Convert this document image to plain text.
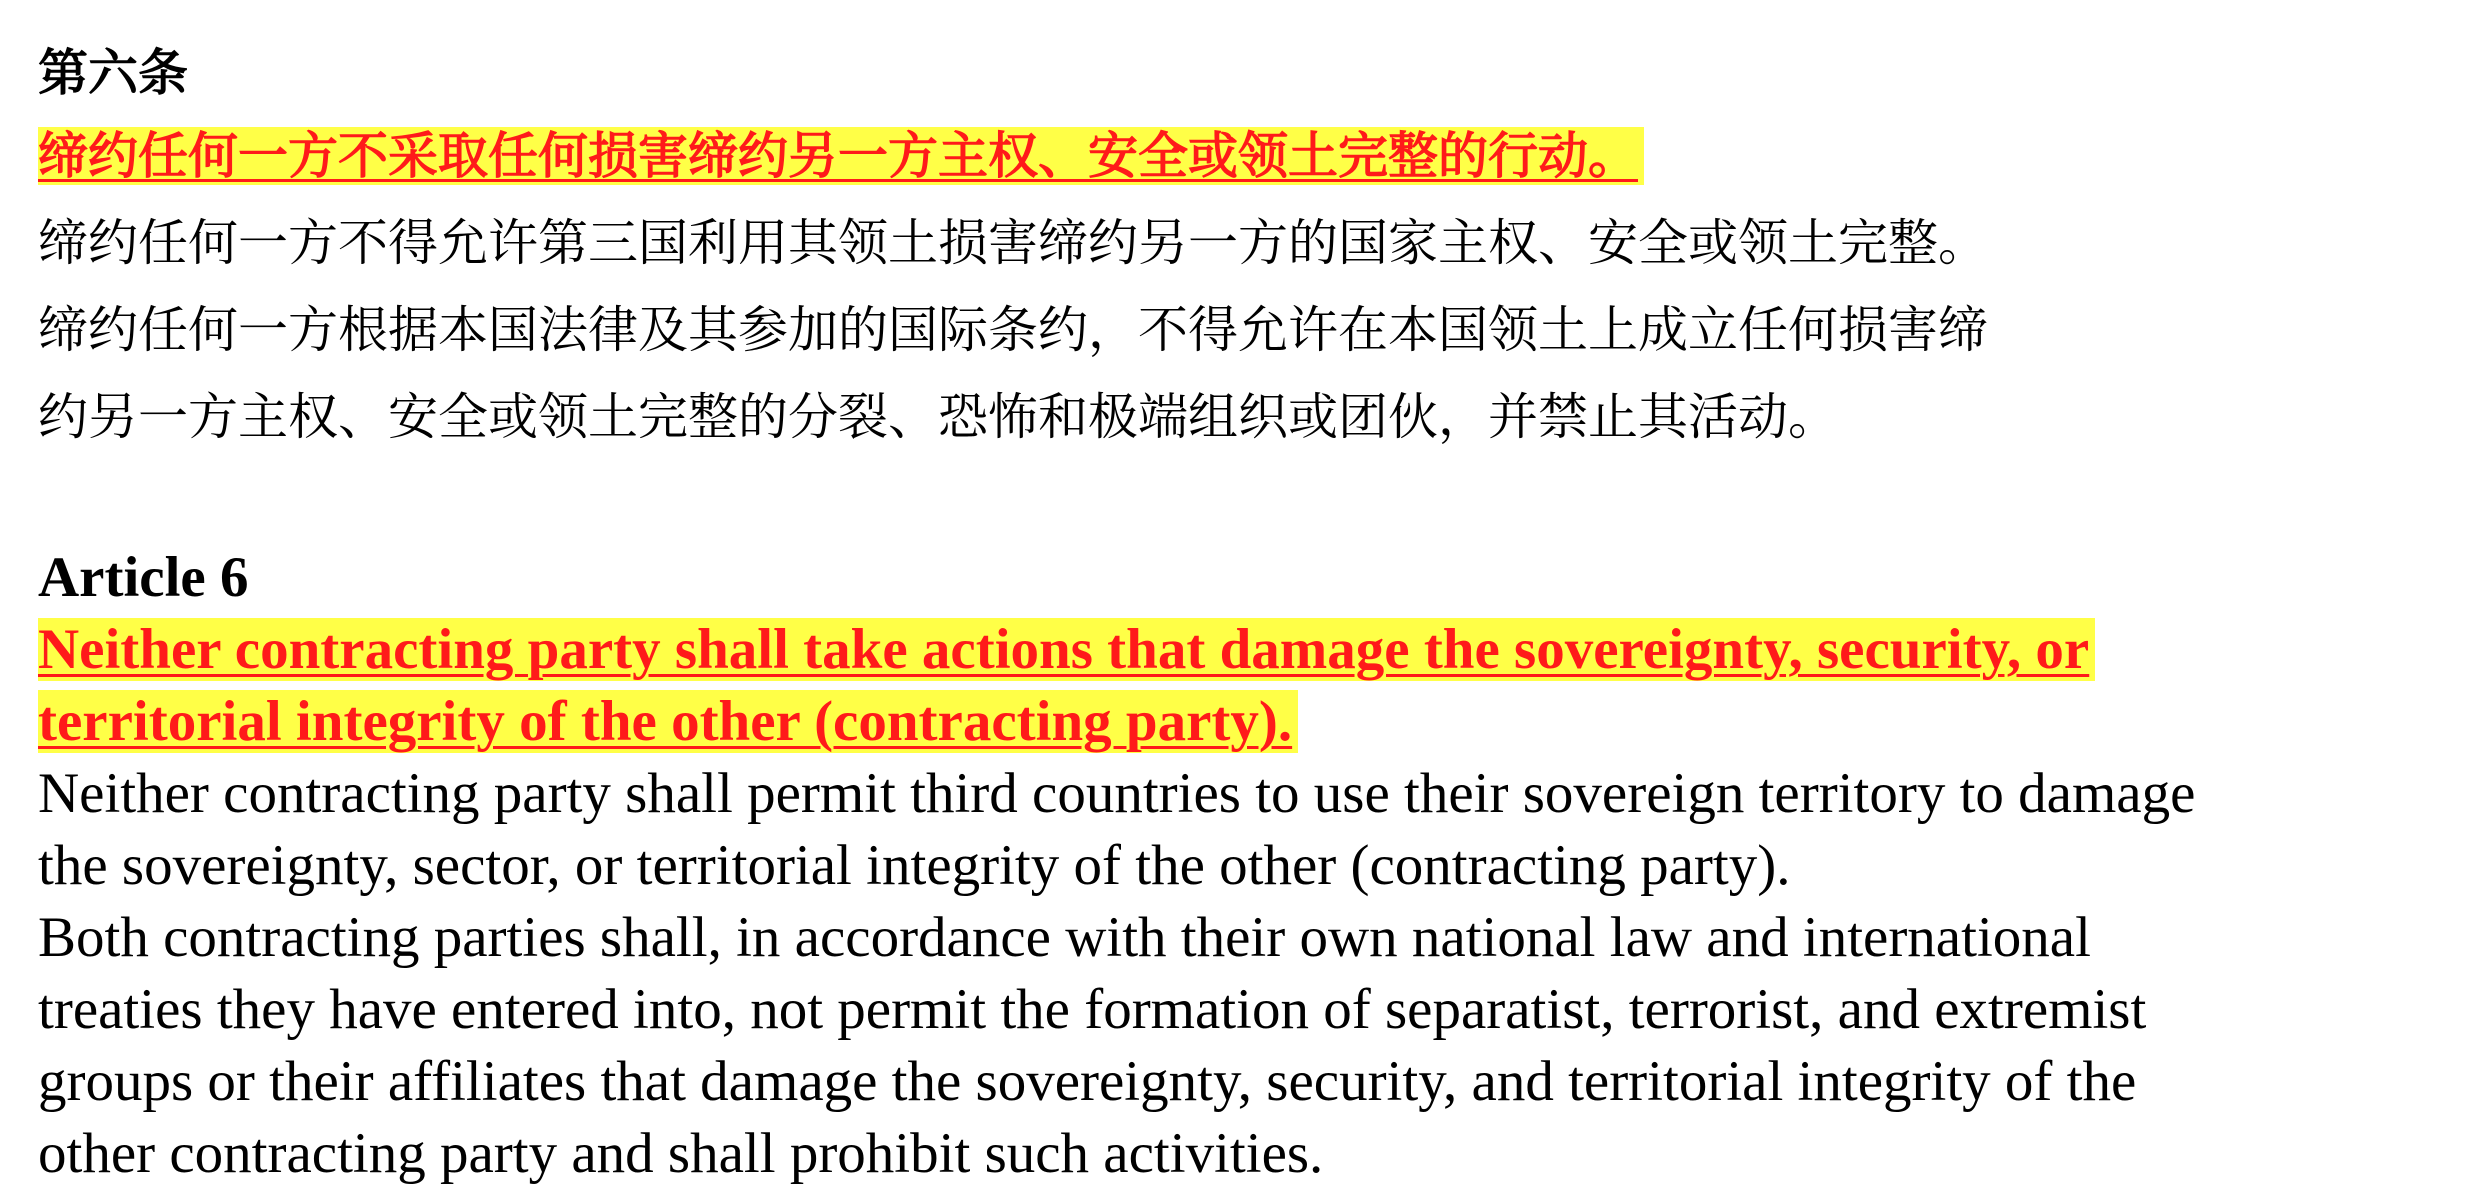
第六条
缔约任何一方不采取任何损害缔约另一方主权、安全或领土完整的行动。
缔约任何一方不得允许第三国利用其领土损害缔约另一方的国家主权、安全或领土完整。
缔约任何一方根据本国法律及其参加的国际条约，不得允许在本国领土上成立任何损害缔
约另一方主权、安全或领土完整的分裂、恐怖和极端组织或团伙，并禁止其活动。
Article 6
Neither contracting party shall take actions that damage the sovereignty, security, or
territorial integrity of the other (contracting party).
Neither contracting party shall permit third countries to use their sovereign territory to damage
the sovereignty, sector, or territorial integrity of the other (contracting party).
Both contracting parties shall, in accordance with their own national law and international
treaties they have entered into, not permit the formation of separatist, terrorist, and extremist
groups or their affiliates that damage the sovereignty, security, and territorial integrity of the
other contracting party and shall prohibit such activities.
